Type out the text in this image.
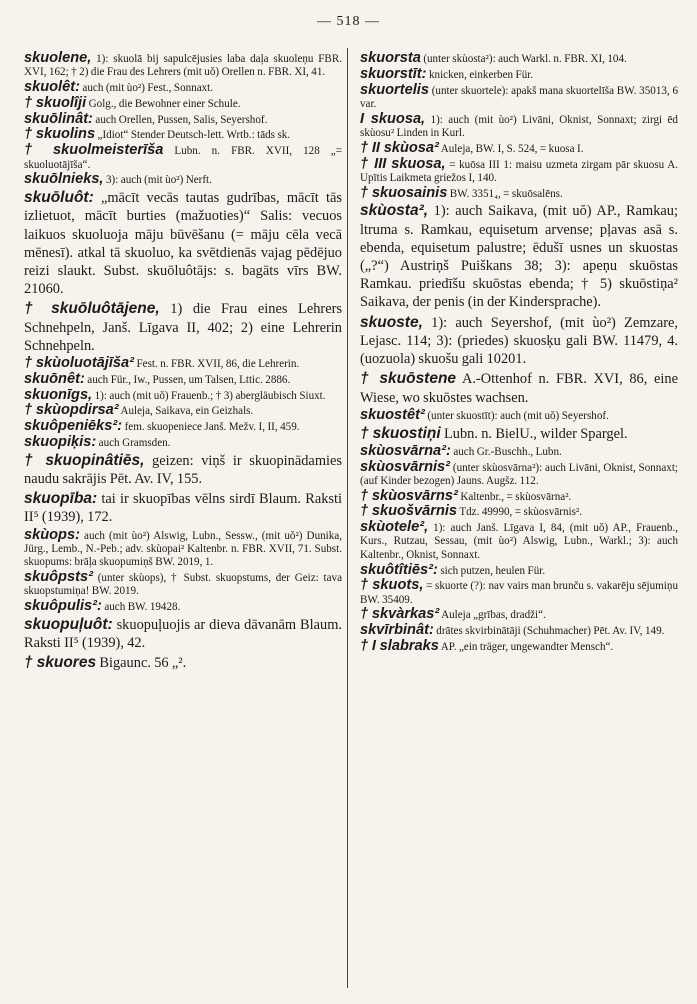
— 518 —

skuolene, 1): skuolā bij sapulcējusies laba daļa skuoleņu FBR. XVI, 162; † 2) die Frau des Lehrers (mit uŏ) Orellen n. FBR. XI, 41.

skuolêt: auch (mit ùo²) Fest., Sonnaxt.

† skuolîji Golg., die Bewohner einer Schule.

skuōlinât: auch Orellen, Pussen, Salis, Seyershof.

† skuolins „Idiot“ Stender Deutsch-lett. Wrtb.: tāds sk.

† skuolmeisterīša Lubn. n. FBR. XVII, 128 „= skuoluotājīša“.

skuōlnieks, 3): auch (mit ùo²) Nerft.

skuōluôt: „mācīt vecās tautas gudrības, mācīt tās izlietuot, mācīt burties (mažuoties)“ Salis: vecuos laikuos skuoluoja māju būvēšanu (= māju cēla vecā mēnesī). atkal tā skuoluo, ka svētdienās vajag pēdējuo reizi slaukt. Subst. skuōluôtājs: s. bagāts vīrs BW. 21060.

† skuōluôtājene, 1) die Frau eines Lehrers Schnehpeln, Janš. Līgava II, 402; 2) eine Lehrerin Schnehpeln.

† skùoluotājīša² Fest. n. FBR. XVII, 86, die Lehrerin.

skuōnêt: auch Für., Iw., Pussen, um Talsen, Lttic. 2886.

skuonīgs, 1): auch (mit uŏ) Frauenb.; † 3) abergläubisch Siuxt.

† skùopdirsa² Auleja, Saikava, ein Geizhals.

skuôpeniēks²: fem. skuopeniece Janš. Mežv. I, II, 459.

skuopiķis: auch Gramsden.

† skuopinâtiēs, geizen: viņš ir skuopinādamies naudu sakrājis Pēt. Av. IV, 155.

skuopība: tai ir skuopības vēlns sirdī Blaum. Raksti II⁵ (1939), 172.

skùops: auch (mit ùo²) Alswig, Lubn., Sessw., (mit uŏ²) Dunika, Jürg., Lemb., N.-Peb.; adv. skùopai² Kaltenbr. n. FBR. XVII, 71. Subst. skuopums: brāļa skuopumiņš BW. 2019, 1.

skuôpsts² (unter skùops), † Subst. skuopstums, der Geiz: tava skuopstumiņa! BW. 2019.

skuôpulis²: auch BW. 19428.

skuopuļuôt: skuopuļuojis ar dieva dāvanām Blaum. Raksti II⁵ (1939), 42.

† skuores Bigaunc. 56 „².

skuorsta (unter skùosta²): auch Warkl. n. FBR. XI, 104.

skuorstīt: knicken, einkerben Für.

skuortelis (unter skuortele): apakš mana skuortelīša BW. 35013, 6 var.

I skuosa, 1): auch (mit ùo²) Livāni, Oknist, Sonnaxt; zirgi ēd skùosu² Linden in Kurl.

† II skùosa² Auleja, BW. I, S. 524, = kuosa I.

† III skuosa, = kuōsa III 1: maisu uzmeta zirgam pār skuosu A. Upītis Laikmeta griežos I, 140.

† skuosainis BW. 3351₄, = skuōsalēns.

skùosta², 1): auch Saikava, (mit uŏ) AP., Ramkau; ltruma s. Ramkau, equisetum arvense; pļavas asā s. ebenda, equisetum palustre; ēdušī usnes un skuostas („?“) Austriņš Puiškans 38; 3): apeņu skuōstas Ramkau. priedīšu skuōstas ebenda; † 5) skuōstiņa² Saikava, der penis (in der Kindersprache).

skuoste, 1): auch Seyershof, (mit ùo²) Zemzare, Lejasc. 114; 3): (priedes) skuosķu gali BW. 11479, 4. (uozuola) skuošu gali 10201.

† skuōstene A.-Ottenhof n. FBR. XVI, 86, eine Wiese, wo skuōstes wachsen.

skuostêt² (unter skuostīt): auch (mit uŏ) Seyershof.

† skuostiņi Lubn. n. BielU., wilder Spargel.

skùosvārna²: auch Gr.-Buschh., Lubn.

skùosvārnis² (unter skùosvārna²): auch Livāni, Oknist, Sonnaxt; (auf Kinder bezogen) Jauns. Augšz. 112.

† skùosvārns² Kaltenbr., = skùosvārna².

† skuošvārnis Tdz. 49990, = skùosvārnis².

skùotele², 1): auch Janš. Līgava I, 84, (mit uŏ) AP., Frauenb., Kurs., Rutzau, Sessau, (mit ùo²) Alswig, Lubn., Warkl.; 3): auch Kaltenbr., Oknist, Sonnaxt.

skuôtîtiēs²: sich putzen, heulen Für.

† skuots, = skuorte (?): nav vairs man brunču s. vakarēju sējumiņu BW. 35409.

† skvàrkas² Auleja „grības, dradži“.

skvīrbinât: drātes skvirbinātāji (Schuhmacher) Pēt. Av. IV, 149.

† I slabraks AP. „ein träger, ungewandter Mensch“.
